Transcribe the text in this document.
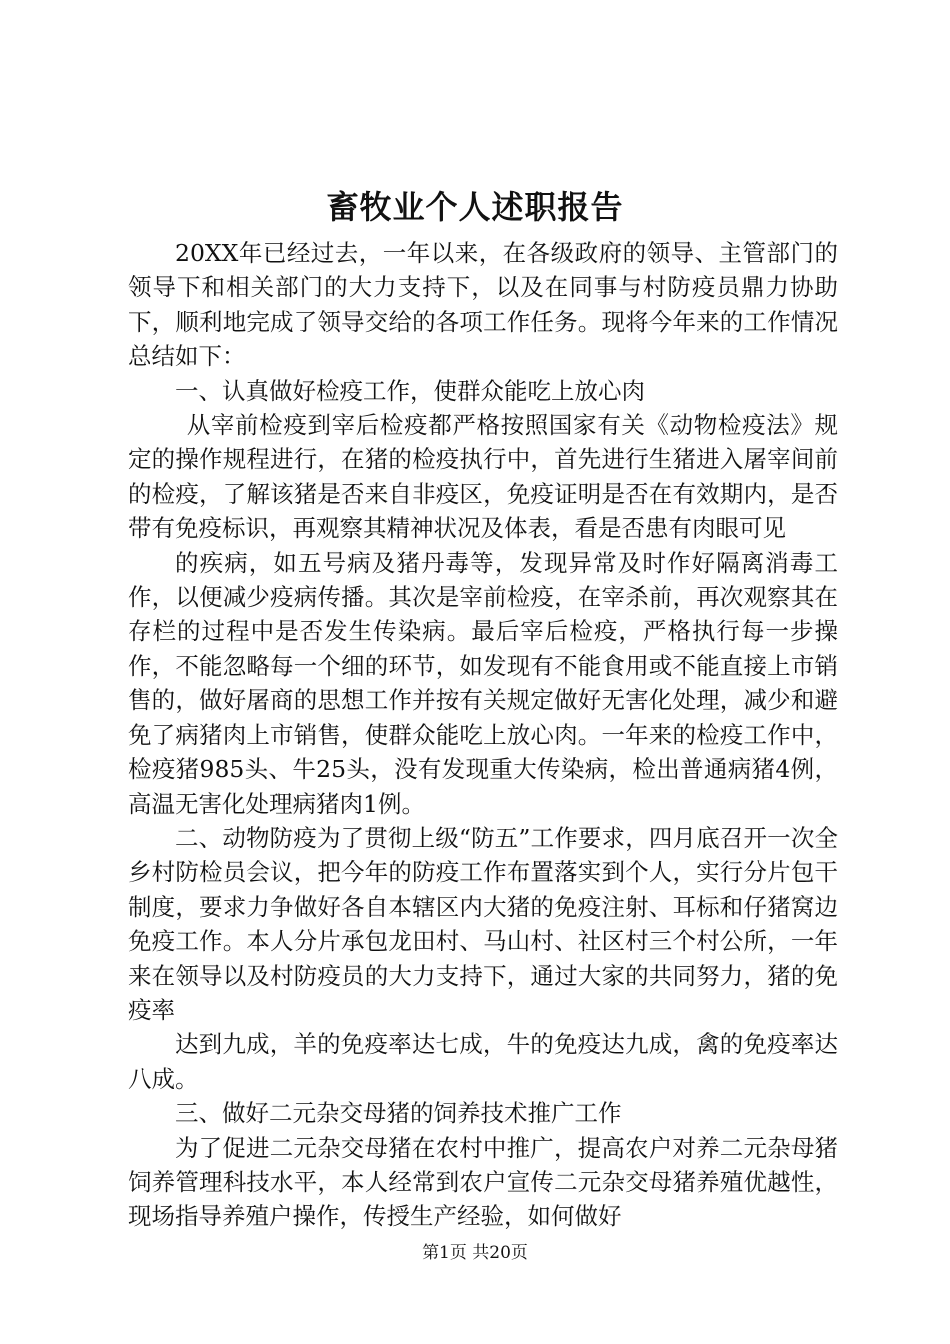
畜牧业个人述职报告

20XX年已经过去，一年以来，在各级政府的领导、主管部门的领导下和相关部门的大力支持下，以及在同事与村防疫员鼎力协助下，顺利地完成了领导交给的各项工作任务。现将今年来的工作情况总结如下：

一、认真做好检疫工作，使群众能吃上放心肉

从宰前检疫到宰后检疫都严格按照国家有关《动物检疫法》规定的操作规程进行，在猪的检疫执行中，首先进行生猪进入屠宰间前的检疫，了解该猪是否来自非疫区，免疫证明是否在有效期内，是否带有免疫标识，再观察其精神状况及体表，看是否患有肉眼可见

的疾病，如五号病及猪丹毒等，发现异常及时作好隔离消毒工作，以便减少疫病传播。其次是宰前检疫，在宰杀前，再次观察其在存栏的过程中是否发生传染病。最后宰后检疫，严格执行每一步操作，不能忽略每一个细的环节，如发现有不能食用或不能直接上市销售的，做好屠商的思想工作并按有关规定做好无害化处理，减少和避免了病猪肉上市销售，使群众能吃上放心肉。一年来的检疫工作中，检疫猪985头、牛25头，没有发现重大传染病，检出普通病猪4例，高温无害化处理病猪肉1例。

二、动物防疫为了贯彻上级“防五”工作要求，四月底召开一次全乡村防检员会议，把今年的防疫工作布置落实到个人，实行分片包干制度，要求力争做好各自本辖区内大猪的免疫注射、耳标和仔猪窝边免疫工作。本人分片承包龙田村、马山村、社区村三个村公所，一年来在领导以及村防疫员的大力支持下，通过大家的共同努力，猪的免疫率

达到九成，羊的免疫率达七成，牛的免疫达九成，禽的免疫率达八成。

三、做好二元杂交母猪的饲养技术推广工作

为了促进二元杂交母猪在农村中推广，提高农户对养二元杂母猪饲养管理科技水平，本人经常到农户宣传二元杂交母猪养殖优越性，现场指导养殖户操作，传授生产经验，如何做好

第1页 共20页
